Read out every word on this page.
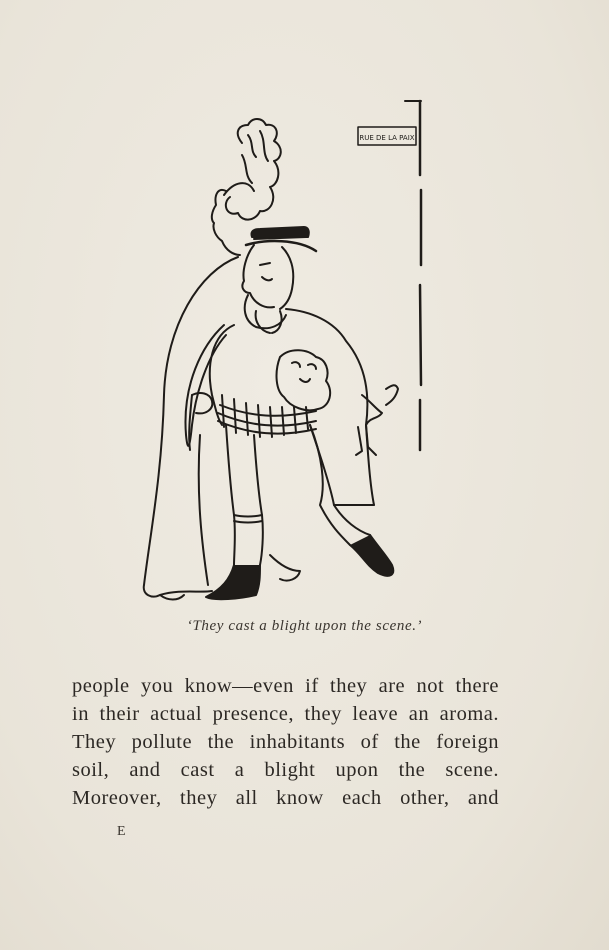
RUE DE LA PAIX
‘They cast a blight upon the scene.’
people you know—even if they are not there
in their actual presence, they leave an aroma.
They pollute the inhabitants of the foreign
soil, and cast a blight upon the scene.
Moreover, they all know each other, and
E
